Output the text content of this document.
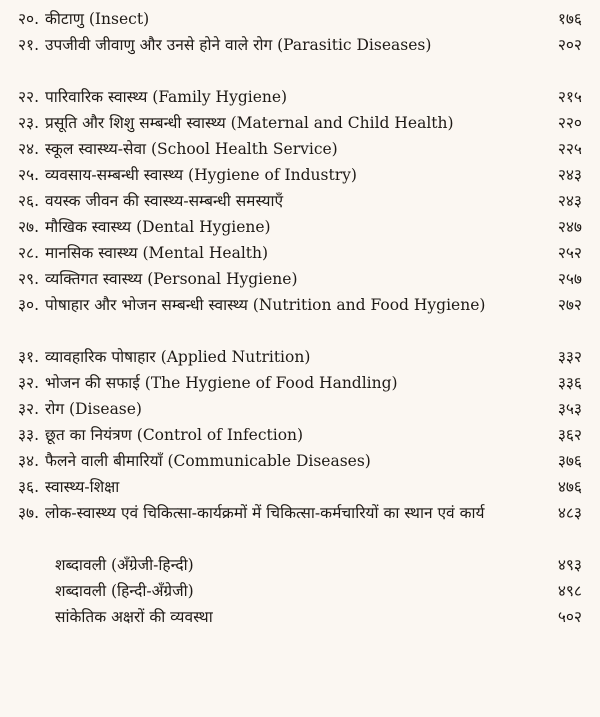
२०. कीटाणु (Insect)	१७६
२१. उपजीवी जीवाणु और उनसे होने वाले रोग (Parasitic Diseases)	२०२
२२. पारिवारिक स्वास्थ्य (Family Hygiene)	२१५
२३. प्रसूति और शिशु सम्बन्धी स्वास्थ्य (Maternal and Child Health)	२२०
२४. स्कूल स्वास्थ्य-सेवा (School Health Service)	२२५
२५. व्यवसाय-सम्बन्धी स्वास्थ्य (Hygiene of Industry)	२४३
२६. वयस्क जीवन की स्वास्थ्य-सम्बन्धी समस्याएँ	२४३
२७. मौखिक स्वास्थ्य (Dental Hygiene)	२४७
२८. मानसिक स्वास्थ्य (Mental Health)	२५२
२९. व्यक्तिगत स्वास्थ्य (Personal Hygiene)	२५७
३०. पोषाहार और भोजन सम्बन्धी स्वास्थ्य (Nutrition and Food Hygiene)	२७२
३१. व्यावहारिक पोषाहार (Applied Nutrition)	३३२
३२. भोजन की सफाई (The Hygiene of Food Handling)	३३६
३२. रोग (Disease)	३५३
३३. छूत का नियंत्रण (Control of Infection)	३६२
३४. फैलने वाली बीमारियाँ (Communicable Diseases)	३७६
३६. स्वास्थ्य-शिक्षा	४७६
३७. लोक-स्वास्थ्य एवं चिकित्सा-कार्यक्रमों में चिकित्सा-कर्मचारियों का स्थान एवं कार्य	४८३
शब्दावली (अँग्रेजी-हिन्दी)	४९३
शब्दावली (हिन्दी-अँग्रेजी)	४९८
सांकेतिक अक्षरों की व्यवस्था	५०२
